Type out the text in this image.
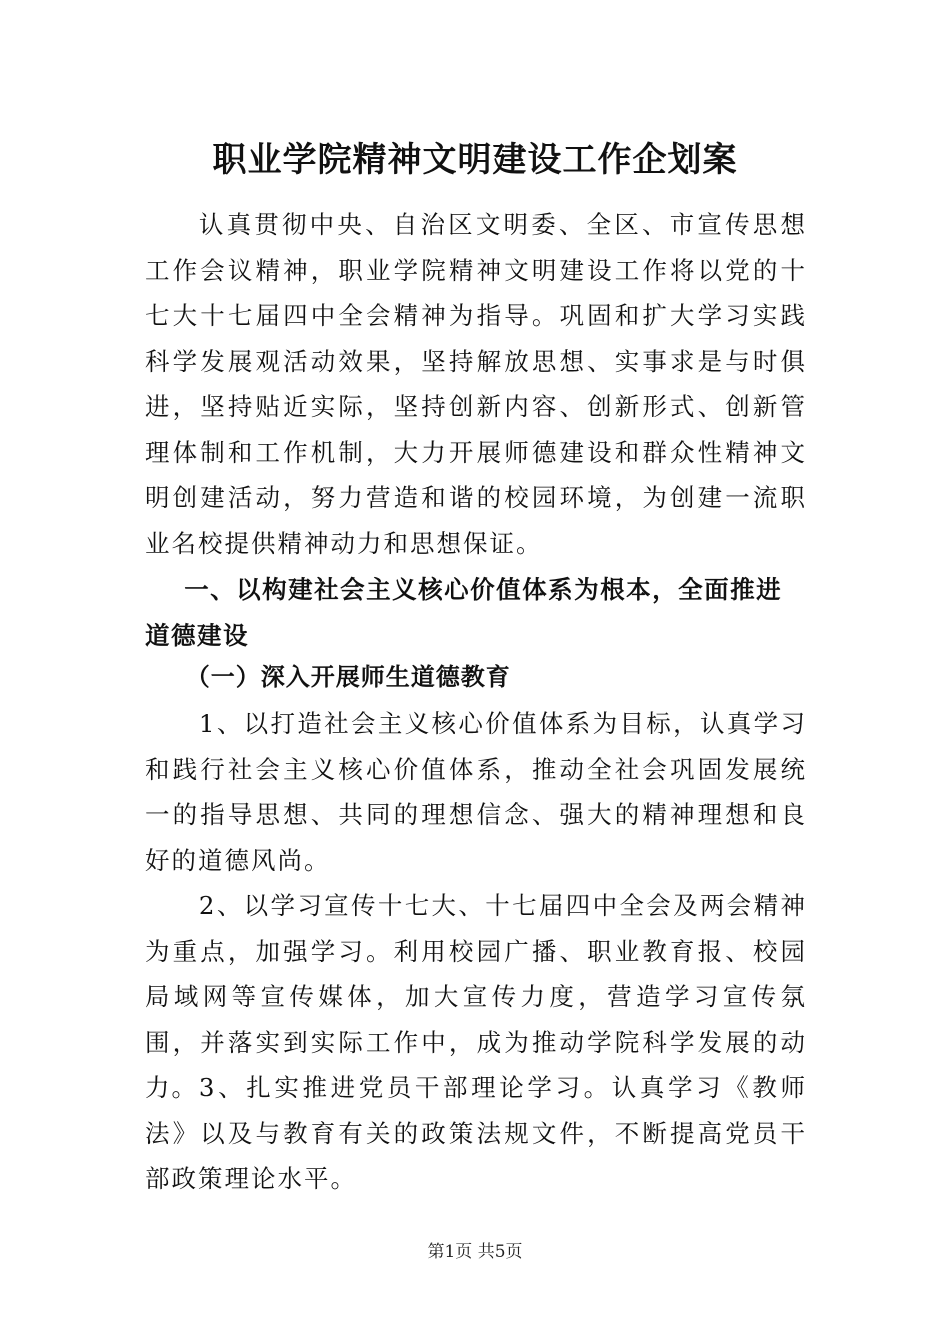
职业学院精神文明建设工作企划案

认真贯彻中央、自治区文明委、全区、市宣传思想工作会议精神，职业学院精神文明建设工作将以党的十七大十七届四中全会精神为指导。巩固和扩大学习实践科学发展观活动效果，坚持解放思想、实事求是与时俱进，坚持贴近实际，坚持创新内容、创新形式、创新管理体制和工作机制，大力开展师德建设和群众性精神文明创建活动，努力营造和谐的校园环境，为创建一流职业名校提供精神动力和思想保证。

一、以构建社会主义核心价值体系为根本，全面推进道德建设

（一）深入开展师生道德教育

1、以打造社会主义核心价值体系为目标，认真学习和践行社会主义核心价值体系，推动全社会巩固发展统一的指导思想、共同的理想信念、强大的精神理想和良好的道德风尚。

2、以学习宣传十七大、十七届四中全会及两会精神为重点，加强学习。利用校园广播、职业教育报、校园局域网等宣传媒体，加大宣传力度，营造学习宣传氛围，并落实到实际工作中，成为推动学院科学发展的动力。 3、扎实推进党员干部理论学习。认真学习《教师法》以及与教育有关的政策法规文件，不断提高党员干部政策理论水平。

第1页 共5页
